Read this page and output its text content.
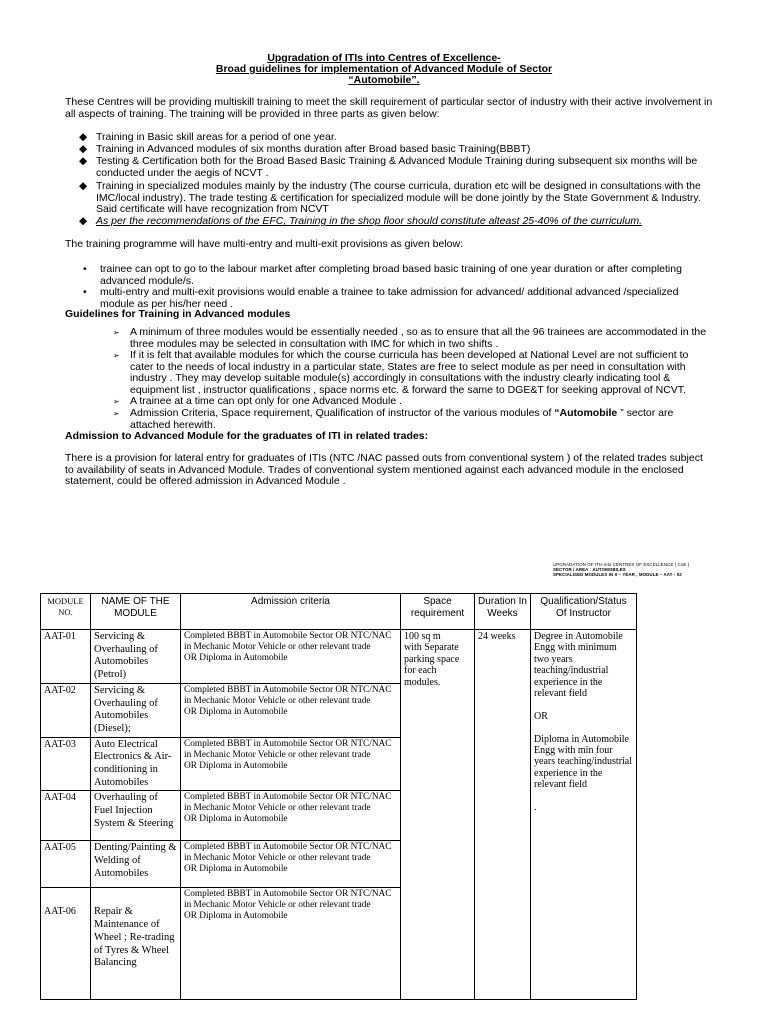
Upgradation of ITIs into Centres of Excellence-
Broad guidelines for implementation of Advanced Module of Sector
“Automobile”.
These Centres will be providing multiskill training to meet the skill requirement of particular sector of industry with their active involvement in all aspects of training. The training will be provided in three parts as given below:
◆ Training in Basic skill areas for a period of one year.
◆ Training in Advanced modules of six months duration after Broad based basic Training(BBBT)
◆ Testing & Certification both for the Broad Based Basic Training & Advanced Module Training during subsequent six months will be conducted under the aegis of NCVT .
◆ Training in specialized modules mainly by the industry (The course curricula, duration etc will be designed in consultations with the IMC/local industry). The trade testing & certification for specialized module will be done jointly by the State Government & Industry. Said certificate will have recognization from NCVT
◆ As per the recommendations of the EFC, Training in the shop floor should constitute alteast 25-40% of the curriculum.
The training programme will have multi-entry and multi-exit provisions as given below:
• trainee can opt to go to the labour market after completing broad based basic training of one year duration or after completing advanced module/s.
• multi-entry and multi-exit provisions would enable a trainee to take admission for advanced/ additional advanced /specialized module as per his/her need .
Guidelines for Training in Advanced modules
➢ A minimum of three modules would be essentially needed , so as to ensure that all the 96 trainees are accommodated in the three modules may be selected in consultation with IMC for which in two shifts .
➢ If it is felt that available modules for which the course curricula has been developed at National Level are not sufficient to cater to the needs of local industry in a particular state, States are free to select module as per need in consultation with industry . They may develop suitable module(s) accordingly in consultations with the industry clearly indicating tool & equipment list , instructor qualifications , space norms etc. & forward the same to DGE&T for seeking approval of NCVT.
➢ A trainee at a time can opt only for one Advanced Module .
➢ Admission Criteria, Space requirement, Qualification of instructor of the various modules of “Automobile ” sector are attached herewith.
Admission to Advanced Module for the graduates of ITI in related trades:
There is a provision for lateral entry for graduates of ITIs (NTC /NAC passed outs from conventional system ) of the related trades subject to availability of seats in Advanced Module. Trades of conventional system mentioned against each advanced module in the enclosed statement, could be offered admission in Advanced Module .
UPGRADATION OF ITIs into CENTRES OF EXCELLENCE ( CoE )
SECTOR / AREA : AUTOMOBILES
SPECIALISED MODULES IN II – YEAR , MODULE – AAT - 02
MODULE NO.	NAME OF THE MODULE	Admission criteria	Space requirement	Duration In Weeks	Qualification/Status Of Instructor
AAT-01	Servicing & Overhauling of Automobiles (Petrol)	Completed BBBT in Automobile Sector OR NTC/NAC in Mechanic Motor Vehicle or other relevant trade
OR Diploma in Automobile	100 sq m
with Separate parking space for each modules.	24 weeks	Degree in Automobile Engg with minimum two years teaching/industrial experience in the relevant field

OR

Diploma in Automobile Engg with min four years teaching/industrial experience in the relevant field

.
AAT-02	Servicing & Overhauling of Automobiles (Diesel);	Completed BBBT in Automobile Sector OR NTC/NAC in Mechanic Motor Vehicle or other relevant trade
OR Diploma in Automobile			
AAT-03	Auto Electrical Electronics & Air-conditioning in Automobiles	Completed BBBT in Automobile Sector OR NTC/NAC in Mechanic Motor Vehicle or other relevant trade
OR Diploma in Automobile			
AAT-04	Overhauling of Fuel Injection System & Steering	Completed BBBT in Automobile Sector OR NTC/NAC in Mechanic Motor Vehicle or other relevant trade
OR Diploma in Automobile			
AAT-05	Denting/Painting & Welding of Automobiles	Completed BBBT in Automobile Sector OR NTC/NAC in Mechanic Motor Vehicle or other relevant trade
OR Diploma in Automobile			
AAT-06	Repair & Maintenance of Wheel ; Re-trading of Tyres & Wheel Balancing	Completed BBBT in Automobile Sector OR NTC/NAC in Mechanic Motor Vehicle or other relevant trade
OR Diploma in Automobile			
